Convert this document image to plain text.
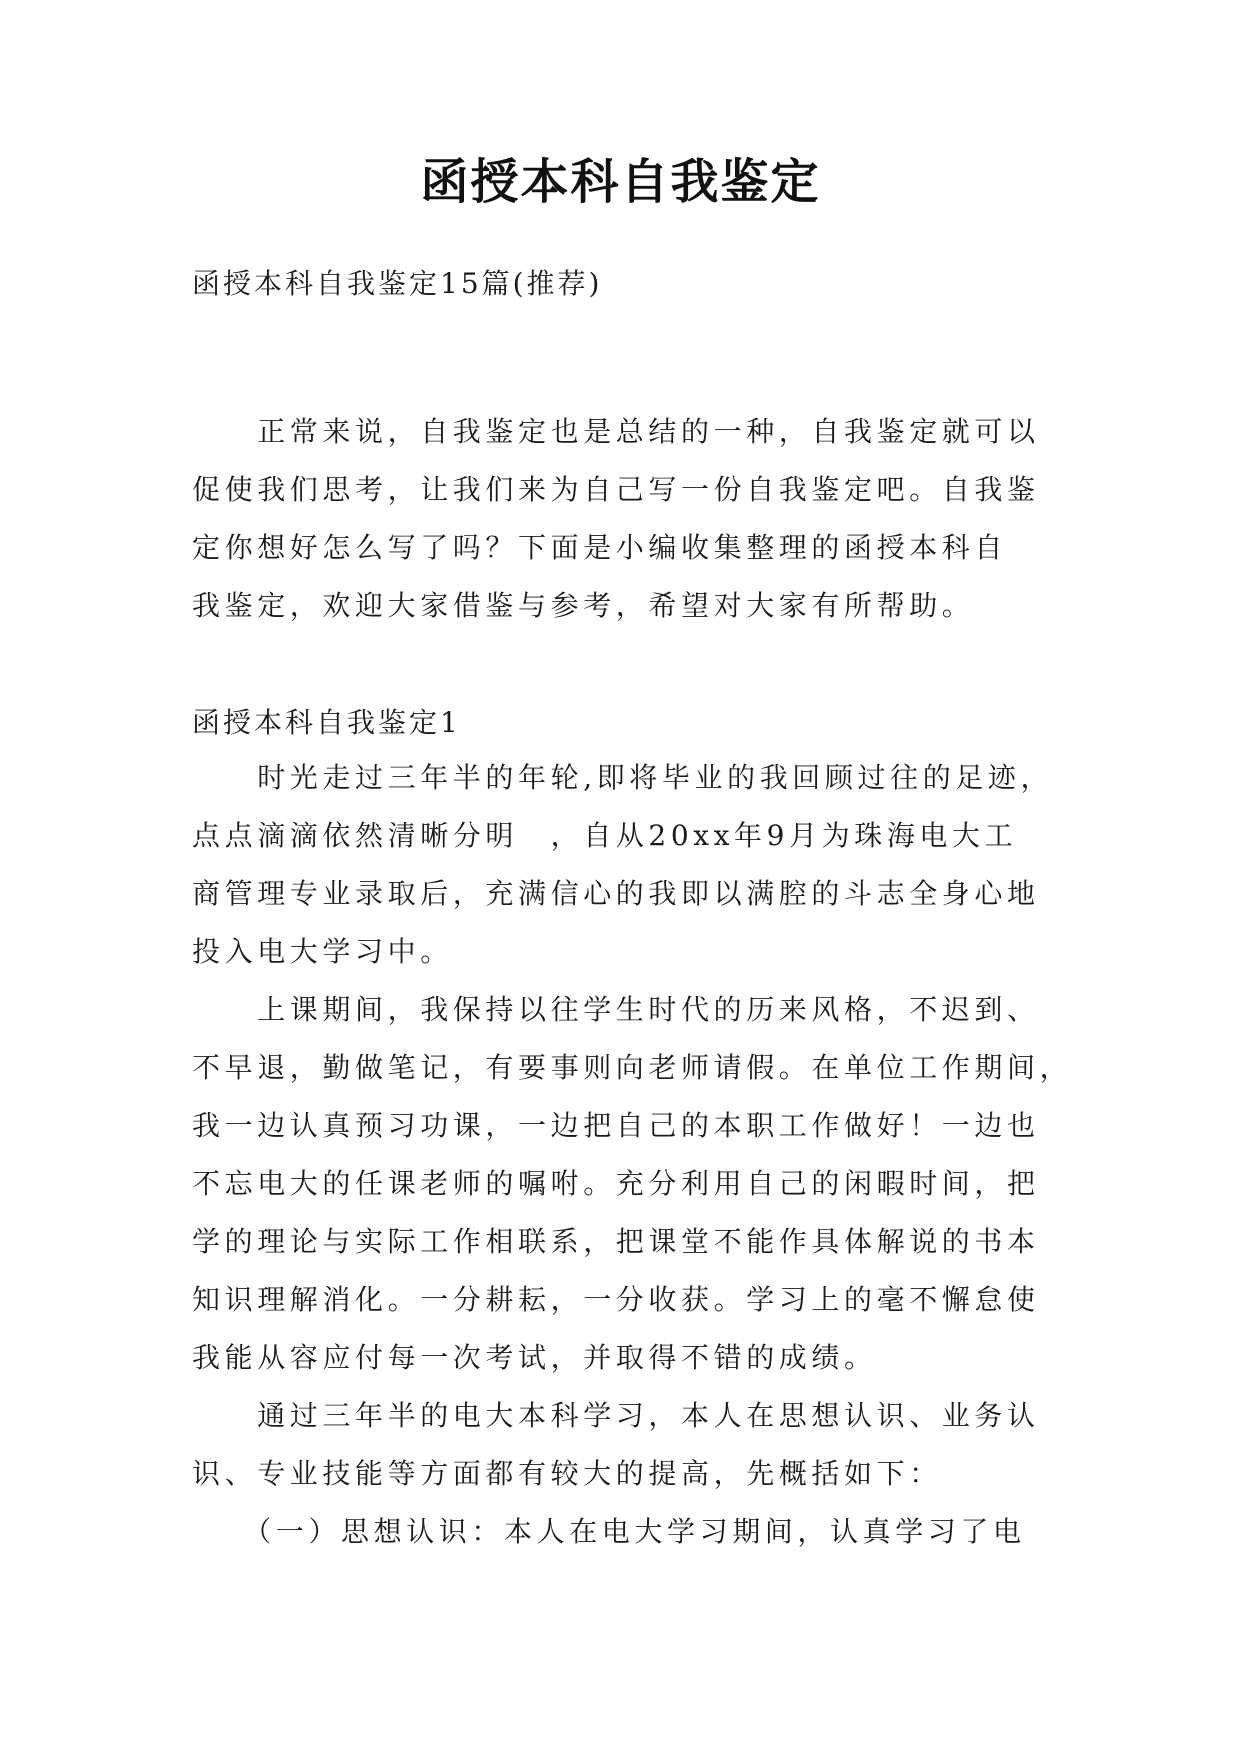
函授本科自我鉴定
函授本科自我鉴定15篇(推荐)
　　正常来说，自我鉴定也是总结的一种，自我鉴定就可以
促使我们思考，让我们来为自己写一份自我鉴定吧。自我鉴
定你想好怎么写了吗？下面是小编收集整理的函授本科自
我鉴定，欢迎大家借鉴与参考，希望对大家有所帮助。
函授本科自我鉴定1
　　时光走过三年半的年轮,即将毕业的我回顾过往的足迹，
点点滴滴依然清晰分明　，自从20xx年9月为珠海电大工
商管理专业录取后，充满信心的我即以满腔的斗志全身心地
投入电大学习中。
　　上课期间，我保持以往学生时代的历来风格，不迟到、
不早退，勤做笔记，有要事则向老师请假。在单位工作期间，
我一边认真预习功课，一边把自己的本职工作做好！一边也
不忘电大的任课老师的嘱咐。充分利用自己的闲暇时间，把
学的理论与实际工作相联系，把课堂不能作具体解说的书本
知识理解消化。一分耕耘，一分收获。学习上的毫不懈怠使
我能从容应付每一次考试，并取得不错的成绩。
　　通过三年半的电大本科学习，本人在思想认识、业务认
识、专业技能等方面都有较大的提高，先概括如下：
　　（一）思想认识：本人在电大学习期间，认真学习了电
